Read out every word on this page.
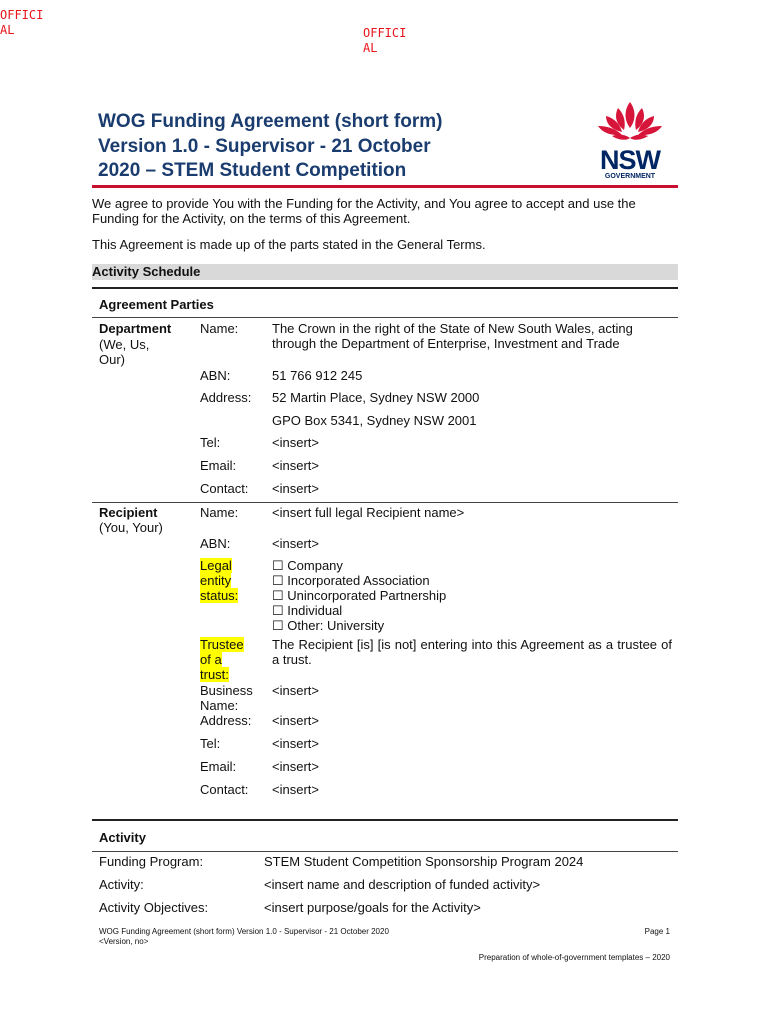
OFFICIAL	OFFICIAL
WOG Funding Agreement (short form)
Version 1.0 - Supervisor - 21 October
2020 – STEM Student Competition	NSW
GOVERNMENT
We agree to provide You with the Funding for the Activity, and You agree to accept and use the Funding for the Activity, on the terms of this Agreement.
This Agreement is made up of the parts stated in the General Terms.
Activity Schedule
Agreement Parties
Department
(We, Us, Our)
Name:	The Crown in the right of the State of New South Wales, acting through the Department of Enterprise, Investment and Trade
ABN:	51 766 912 245
Address: 52 Martin Place, Sydney NSW 2000
GPO Box 5341, Sydney NSW 2001
Tel:	<insert>
Email:	<insert>
Contact: <insert>
Recipient
(You, Your)
Name:	<insert full legal Recipient name>
ABN:	<insert>
Legal entity status:
☐ Company
☐ Incorporated Association
☐ Unincorporated Partnership
☐ Individual
☐ Other: University
Trustee of a trust:
The Recipient [is] [is not] entering into this Agreement as a trustee of a trust.
Business Name:
<insert>
Address: <insert>
Tel:	<insert>
Email:	<insert>
Contact: <insert>
Activity
Funding Program:	STEM Student Competition Sponsorship Program 2024
Activity:	<insert name and description of funded activity>
Activity Objectives:	<insert purpose/goals for the Activity>
WOG Funding Agreement (short form) Version 1.0 - Supervisor - 21 October 2020 <Version, no>
Page 1
Preparation of whole-of-government templates – 2020
